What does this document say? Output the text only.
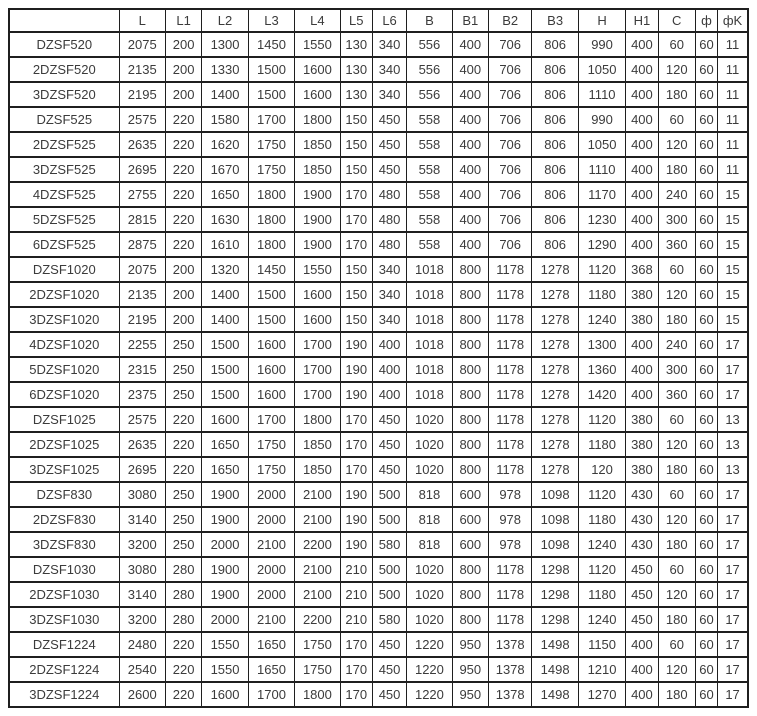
	L	L1	L2	L3	L4	L5	L6	B	B1	B2	B3	H	H1	C	ф	фK
DZSF520	2075	200	1300	1450	1550	130	340	556	400	706	806	990	400	60	60	11
2DZSF520	2135	200	1330	1500	1600	130	340	556	400	706	806	1050	400	120	60	11
3DZSF520	2195	200	1400	1500	1600	130	340	556	400	706	806	1110	400	180	60	11
DZSF525	2575	220	1580	1700	1800	150	450	558	400	706	806	990	400	60	60	11
2DZSF525	2635	220	1620	1750	1850	150	450	558	400	706	806	1050	400	120	60	11
3DZSF525	2695	220	1670	1750	1850	150	450	558	400	706	806	1110	400	180	60	11
4DZSF525	2755	220	1650	1800	1900	170	480	558	400	706	806	1170	400	240	60	15
5DZSF525	2815	220	1630	1800	1900	170	480	558	400	706	806	1230	400	300	60	15
6DZSF525	2875	220	1610	1800	1900	170	480	558	400	706	806	1290	400	360	60	15
DZSF1020	2075	200	1320	1450	1550	150	340	1018	800	1178	1278	1120	368	60	60	15
2DZSF1020	2135	200	1400	1500	1600	150	340	1018	800	1178	1278	1180	380	120	60	15
3DZSF1020	2195	200	1400	1500	1600	150	340	1018	800	1178	1278	1240	380	180	60	15
4DZSF1020	2255	250	1500	1600	1700	190	400	1018	800	1178	1278	1300	400	240	60	17
5DZSF1020	2315	250	1500	1600	1700	190	400	1018	800	1178	1278	1360	400	300	60	17
6DZSF1020	2375	250	1500	1600	1700	190	400	1018	800	1178	1278	1420	400	360	60	17
DZSF1025	2575	220	1600	1700	1800	170	450	1020	800	1178	1278	1120	380	60	60	13
2DZSF1025	2635	220	1650	1750	1850	170	450	1020	800	1178	1278	1180	380	120	60	13
3DZSF1025	2695	220	1650	1750	1850	170	450	1020	800	1178	1278	120	380	180	60	13
DZSF830	3080	250	1900	2000	2100	190	500	818	600	978	1098	1120	430	60	60	17
2DZSF830	3140	250	1900	2000	2100	190	500	818	600	978	1098	1180	430	120	60	17
3DZSF830	3200	250	2000	2100	2200	190	580	818	600	978	1098	1240	430	180	60	17
DZSF1030	3080	280	1900	2000	2100	210	500	1020	800	1178	1298	1120	450	60	60	17
2DZSF1030	3140	280	1900	2000	2100	210	500	1020	800	1178	1298	1180	450	120	60	17
3DZSF1030	3200	280	2000	2100	2200	210	580	1020	800	1178	1298	1240	450	180	60	17
DZSF1224	2480	220	1550	1650	1750	170	450	1220	950	1378	1498	1150	400	60	60	17
2DZSF1224	2540	220	1550	1650	1750	170	450	1220	950	1378	1498	1210	400	120	60	17
3DZSF1224	2600	220	1600	1700	1800	170	450	1220	950	1378	1498	1270	400	180	60	17
